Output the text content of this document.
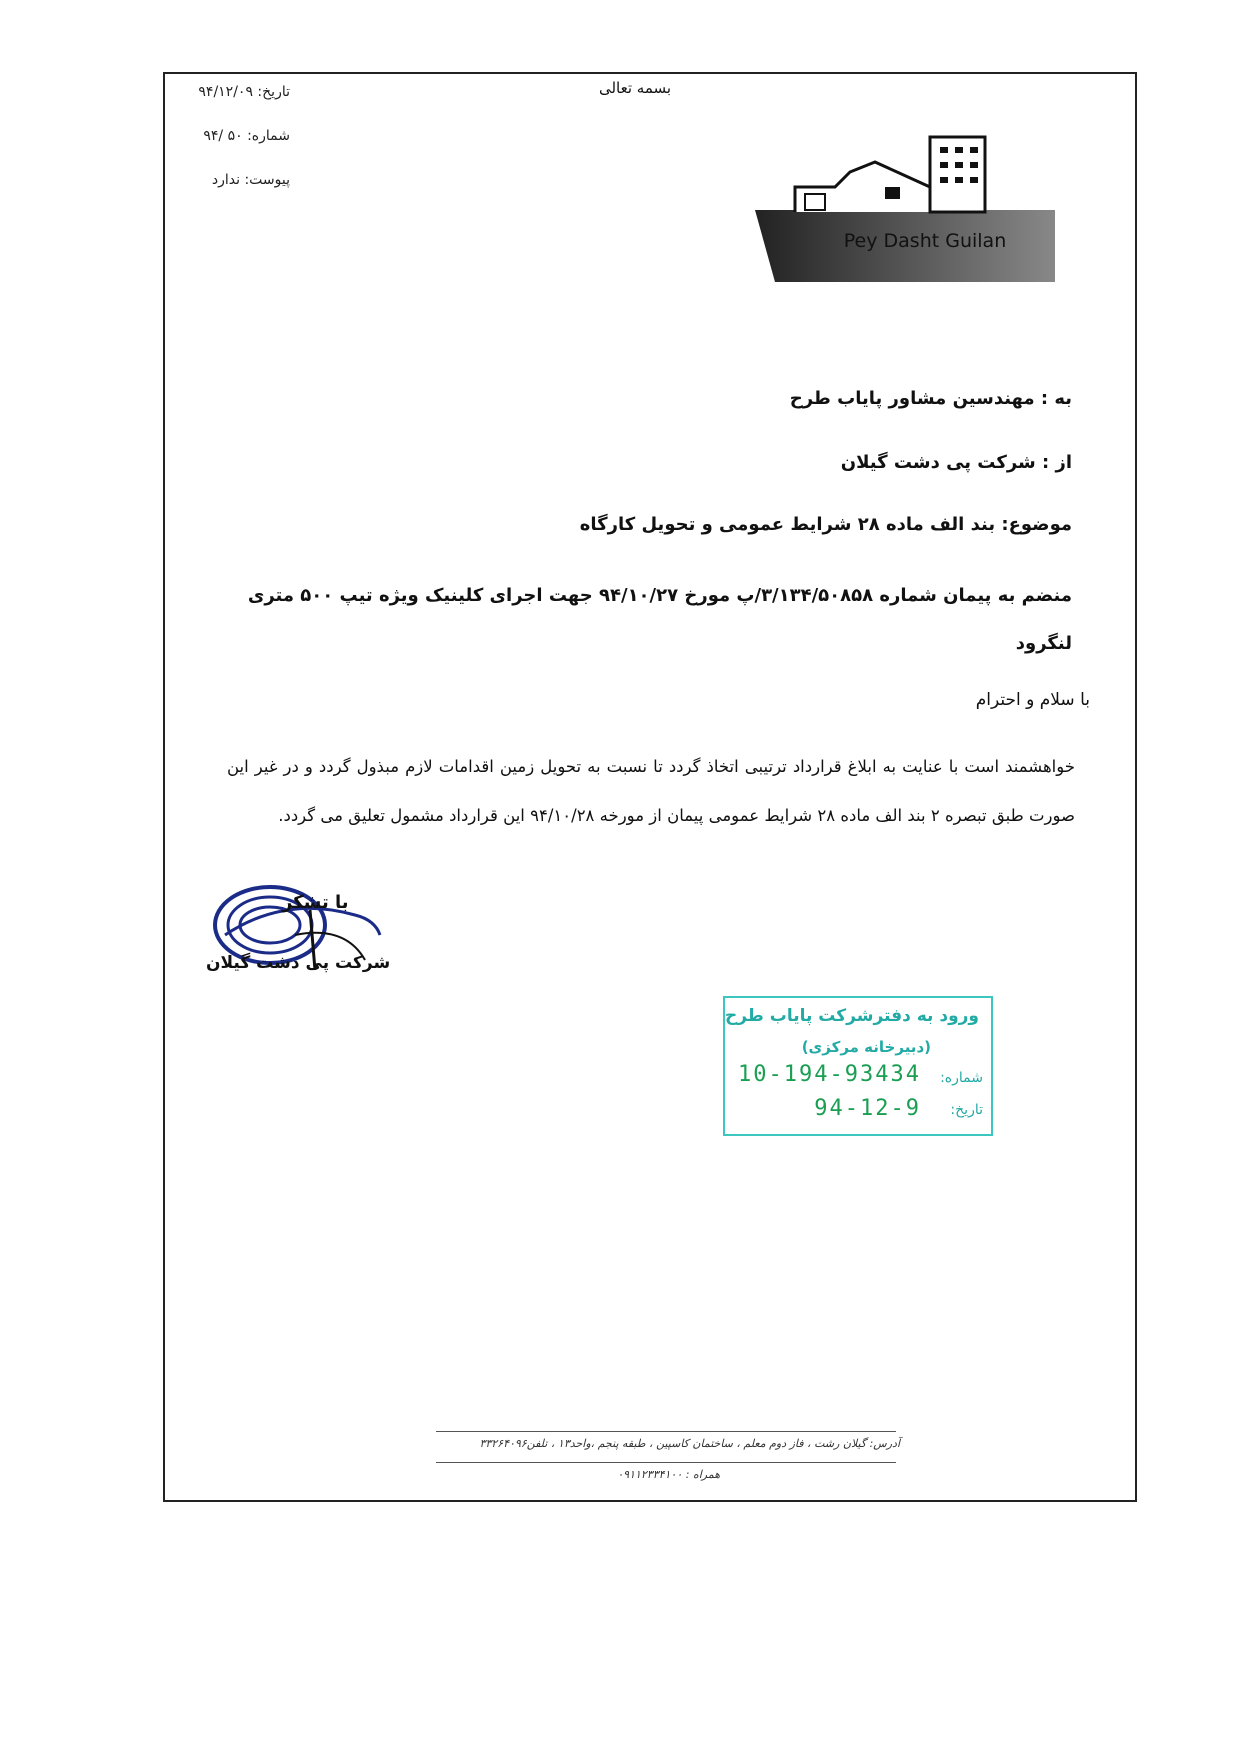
بسمه تعالی
تاریخ: ۹۴/۱۲/۰۹
شماره: ۵۰ /۹۴
پیوست: ندارد
Pey Dasht Guilan
به : مهندسین مشاور پایاب طرح
از : شرکت پی دشت گیلان
موضوع: بند الف ماده ۲۸ شرایط عمومی و تحویل کارگاه
منضم به پیمان شماره ۳/۱۳۴/۵۰۸۵۸/پ مورخ ۹۴/۱۰/۲۷ جهت اجرای کلینیک ویژه تیپ ۵۰۰ متری لنگرود
با سلام و احترام
خواهشمند است با عنایت به ابلاغ قرارداد ترتیبی اتخاذ گردد تا نسبت به تحویل زمین اقدامات لازم مبذول گردد و در غیر این صورت طبق تبصره ۲ بند الف ماده ۲۸ شرایط عمومی پیمان از مورخه ۹۴/۱۰/۲۸ این قرارداد مشمول تعلیق می گردد.
با تشکر
شرکت پی دشت گیلان
ورود به دفترشرکت پایاب طرح
(دبیرخانه مرکزی)
شماره:
10-194-93434
تاریخ:
94-12-9
آدرس: گیلان رشت ، فاز دوم معلم ، ساختمان کاسپین ، طبقه پنجم ،واحد۱۳ ، تلفن۳۳۲۶۴۰۹۶
همراه : ۰۹۱۱۲۳۳۴۱۰۰
